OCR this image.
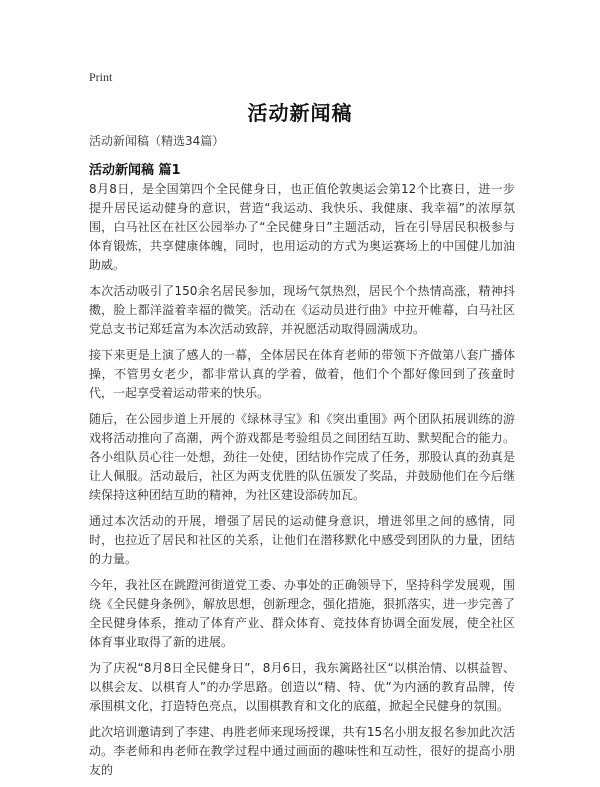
Print
活动新闻稿
活动新闻稿（精选34篇）
活动新闻稿 篇1

8月8日，是全国第四个全民健身日，也正值伦敦奥运会第12个比赛日，进一步提升居民运动健身的意识，营造“我运动、我快乐、我健康、我幸福”的浓厚氛围，白马社区在社区公园举办了“全民健身日”主题活动，旨在引导居民积极参与体育锻炼，共享健康体魄，同时，也用运动的方式为奥运赛场上的中国健儿加油助威。

本次活动吸引了150余名居民参加，现场气氛热烈，居民个个热情高涨，精神抖擞，脸上都洋溢着幸福的微笑。活动在《运动员进行曲》中拉开帷幕，白马社区党总支书记郑廷富为本次活动致辞，并祝愿活动取得圆满成功。

接下来更是上演了感人的一幕，全体居民在体育老师的带领下齐做第八套广播体操，不管男女老少，都非常认真的学着，做着，他们个个都好像回到了孩童时代，一起享受着运动带来的快乐。

随后，在公园步道上开展的《绿林寻宝》和《突出重围》两个团队拓展训练的游戏将活动推向了高潮，两个游戏都是考验组员之间团结互助、默契配合的能力。各小组队员心往一处想，劲往一处使，团结协作完成了任务，那股认真的劲真是让人佩服。活动最后，社区为两支优胜的队伍颁发了奖品，并鼓励他们在今后继续保持这种团结互助的精神，为社区建设添砖加瓦。

通过本次活动的开展，增强了居民的运动健身意识，增进邻里之间的感情，同时，也拉近了居民和社区的关系，让他们在潜移默化中感受到团队的力量，团结的力量。

今年，我社区在跳蹬河街道党工委、办事处的正确领导下，坚持科学发展观，围绕《全民健身条例》，解放思想，创新理念，强化措施，狠抓落实，进一步完善了全民健身体系，推动了体育产业、群众体育、竞技体育协调全面发展，使全社区体育事业取得了新的进展。

为了庆祝“8月8日全民健身日”，8月6日，我东篱路社区“以棋治情、以棋益智、以棋会友、以棋育人”的办学思路。创造以“精、特、优”为内涵的教育品牌，传承围棋文化，打造特色亮点，以围棋教育和文化的底蕴，掀起全民健身的氛围。

此次培训邀请到了李建、冉胜老师来现场授课，共有15名小朋友报名参加此次活动。李老师和冉老师在教学过程中通过画面的趣味性和互动性，很好的提高小朋友的
